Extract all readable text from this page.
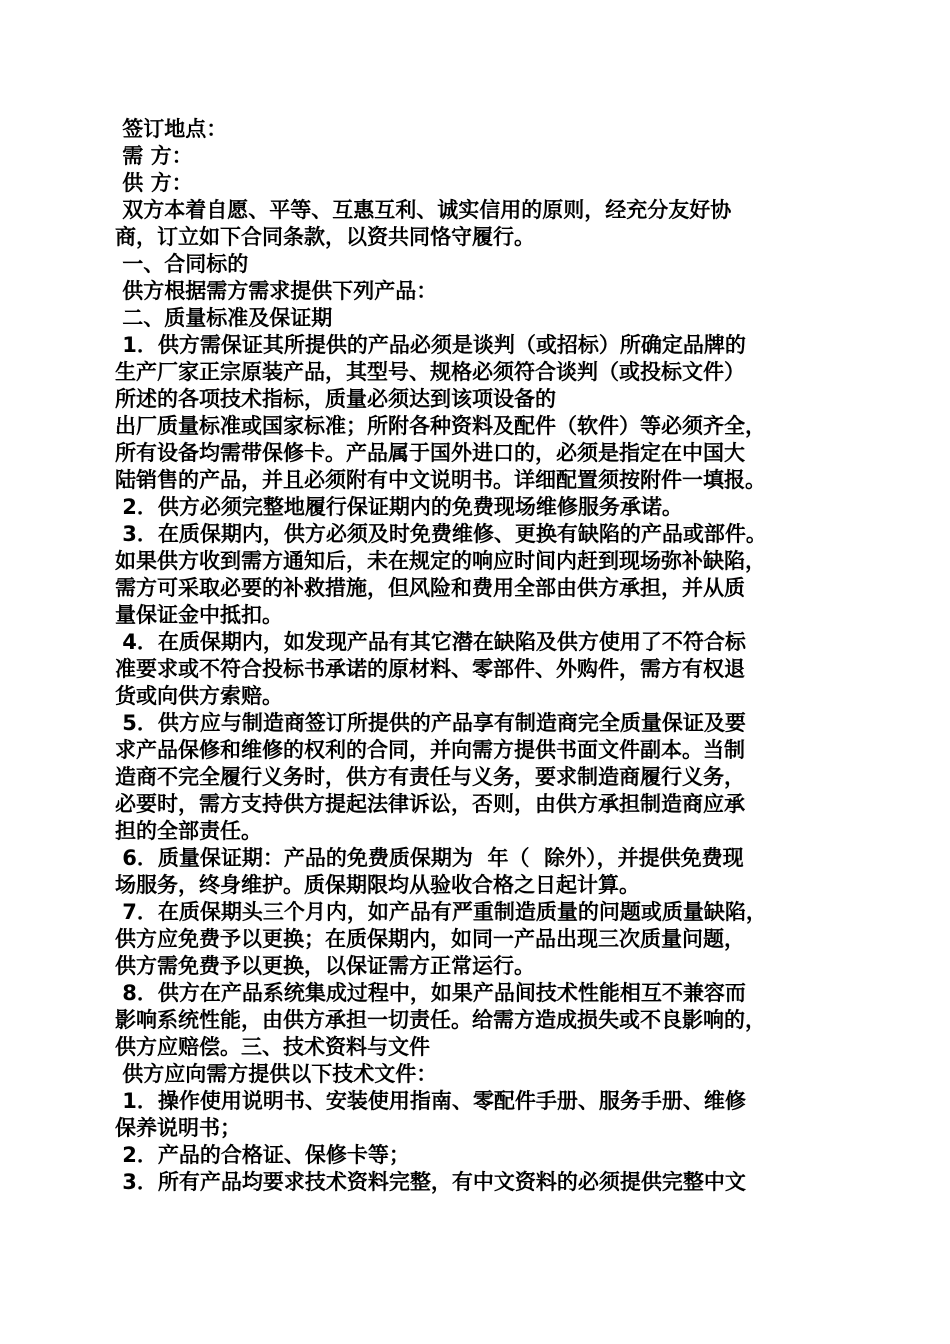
签订地点：
需 方：
供 方：
双方本着自愿、平等、互惠互利、诚实信用的原则，经充分友好协
商，订立如下合同条款，以资共同恪守履行。
一、合同标的
供方根据需方需求提供下列产品：
二、质量标准及保证期
1．供方需保证其所提供的产品必须是谈判（或招标）所确定品牌的
生产厂家正宗原装产品，其型号、规格必须符合谈判（或投标文件）
所述的各项技术指标，质量必须达到该项设备的
出厂质量标准或国家标准；所附各种资料及配件（软件）等必须齐全，
所有设备均需带保修卡。产品属于国外进口的，必须是指定在中国大
陆销售的产品，并且必须附有中文说明书。详细配置须按附件一填报。
2．供方必须完整地履行保证期内的免费现场维修服务承诺。
3．在质保期内，供方必须及时免费维修、更换有缺陷的产品或部件。
如果供方收到需方通知后，未在规定的响应时间内赶到现场弥补缺陷，
需方可采取必要的补救措施，但风险和费用全部由供方承担，并从质
量保证金中抵扣。
4．在质保期内，如发现产品有其它潜在缺陷及供方使用了不符合标
准要求或不符合投标书承诺的原材料、零部件、外购件，需方有权退
货或向供方索赔。
5．供方应与制造商签订所提供的产品享有制造商完全质量保证及要
求产品保修和维修的权利的合同，并向需方提供书面文件副本。当制
造商不完全履行义务时，供方有责任与义务，要求制造商履行义务，
必要时，需方支持供方提起法律诉讼，否则，由供方承担制造商应承
担的全部责任。
6．质量保证期：产品的免费质保期为  年（  除外），并提供免费现
场服务，终身维护。质保期限均从验收合格之日起计算。
7．在质保期头三个月内，如产品有严重制造质量的问题或质量缺陷，
供方应免费予以更换；在质保期内，如同一产品出现三次质量问题，
供方需免费予以更换，以保证需方正常运行。
8．供方在产品系统集成过程中，如果产品间技术性能相互不兼容而
影响系统性能，由供方承担一切责任。给需方造成损失或不良影响的，
供方应赔偿。三、技术资料与文件
供方应向需方提供以下技术文件：
1．操作使用说明书、安装使用指南、零配件手册、服务手册、维修
保养说明书；
2．产品的合格证、保修卡等；
3．所有产品均要求技术资料完整，有中文资料的必须提供完整中文
